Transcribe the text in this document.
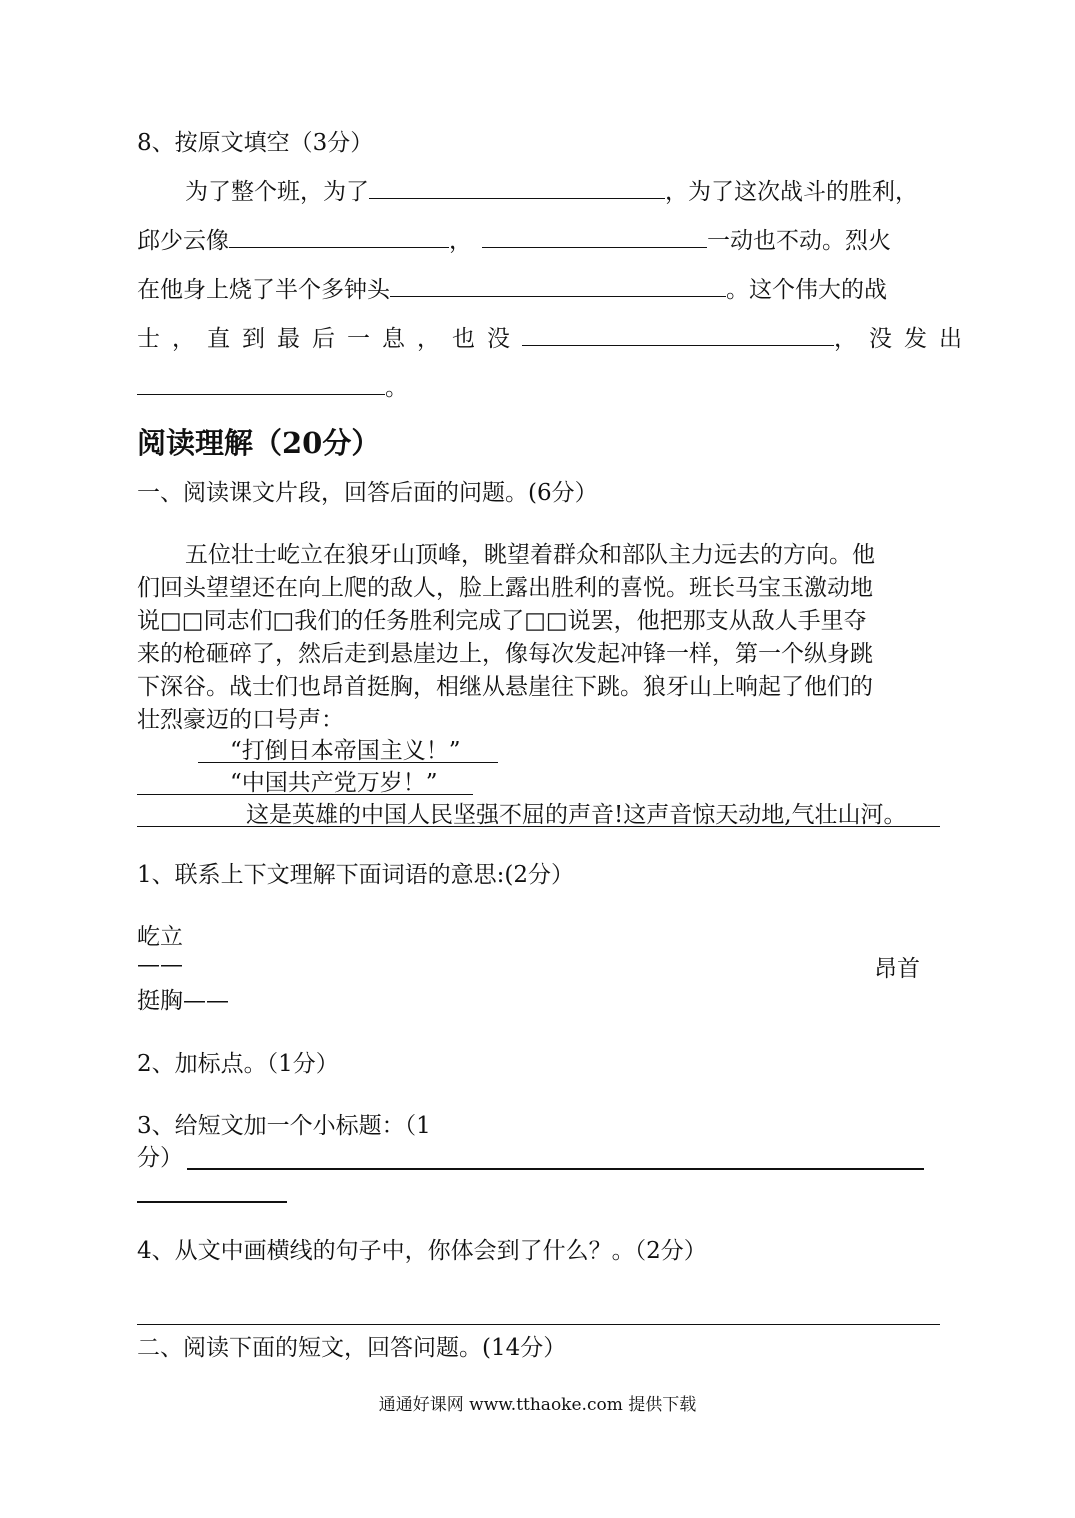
8、按原文填空（3分）
为了整个班，为了	，为了这次战斗的胜利，
邱少云像	，	一动也不动。烈火
在他身上烧了半个多钟头	。这个伟大的战
士，直到最后一息，也没	，没发出
。
阅读理解（20分）
一、阅读课文片段，回答后面的问题。(6分）
五位壮士屹立在狼牙山顶峰，眺望着群众和部队主力远去的方向。他
们回头望望还在向上爬的敌人，脸上露出胜利的喜悦。班长马宝玉激动地
说□□同志们□我们的任务胜利完成了□□说罢，他把那支从敌人手里夺
来的枪砸碎了，然后走到悬崖边上，像每次发起冲锋一样，第一个纵身跳
下深谷。战士们也昂首挺胸，相继从悬崖往下跳。狼牙山上响起了他们的
壮烈豪迈的口号声：
“打倒日本帝国主义！”
“中国共产党万岁！”
这是英雄的中国人民坚强不屈的声音!这声音惊天动地,气壮山河。
1、联系上下文理解下面词语的意思:(2分）
屹立
——	昂首
挺胸——
2、加标点。（1分）
3、给短文加一个小标题：（1
分）
4、从文中画横线的句子中，你体会到了什么？。（2分）
二、阅读下面的短文，回答问题。(14分）
通通好课网 www.tthaoke.com 提供下载
